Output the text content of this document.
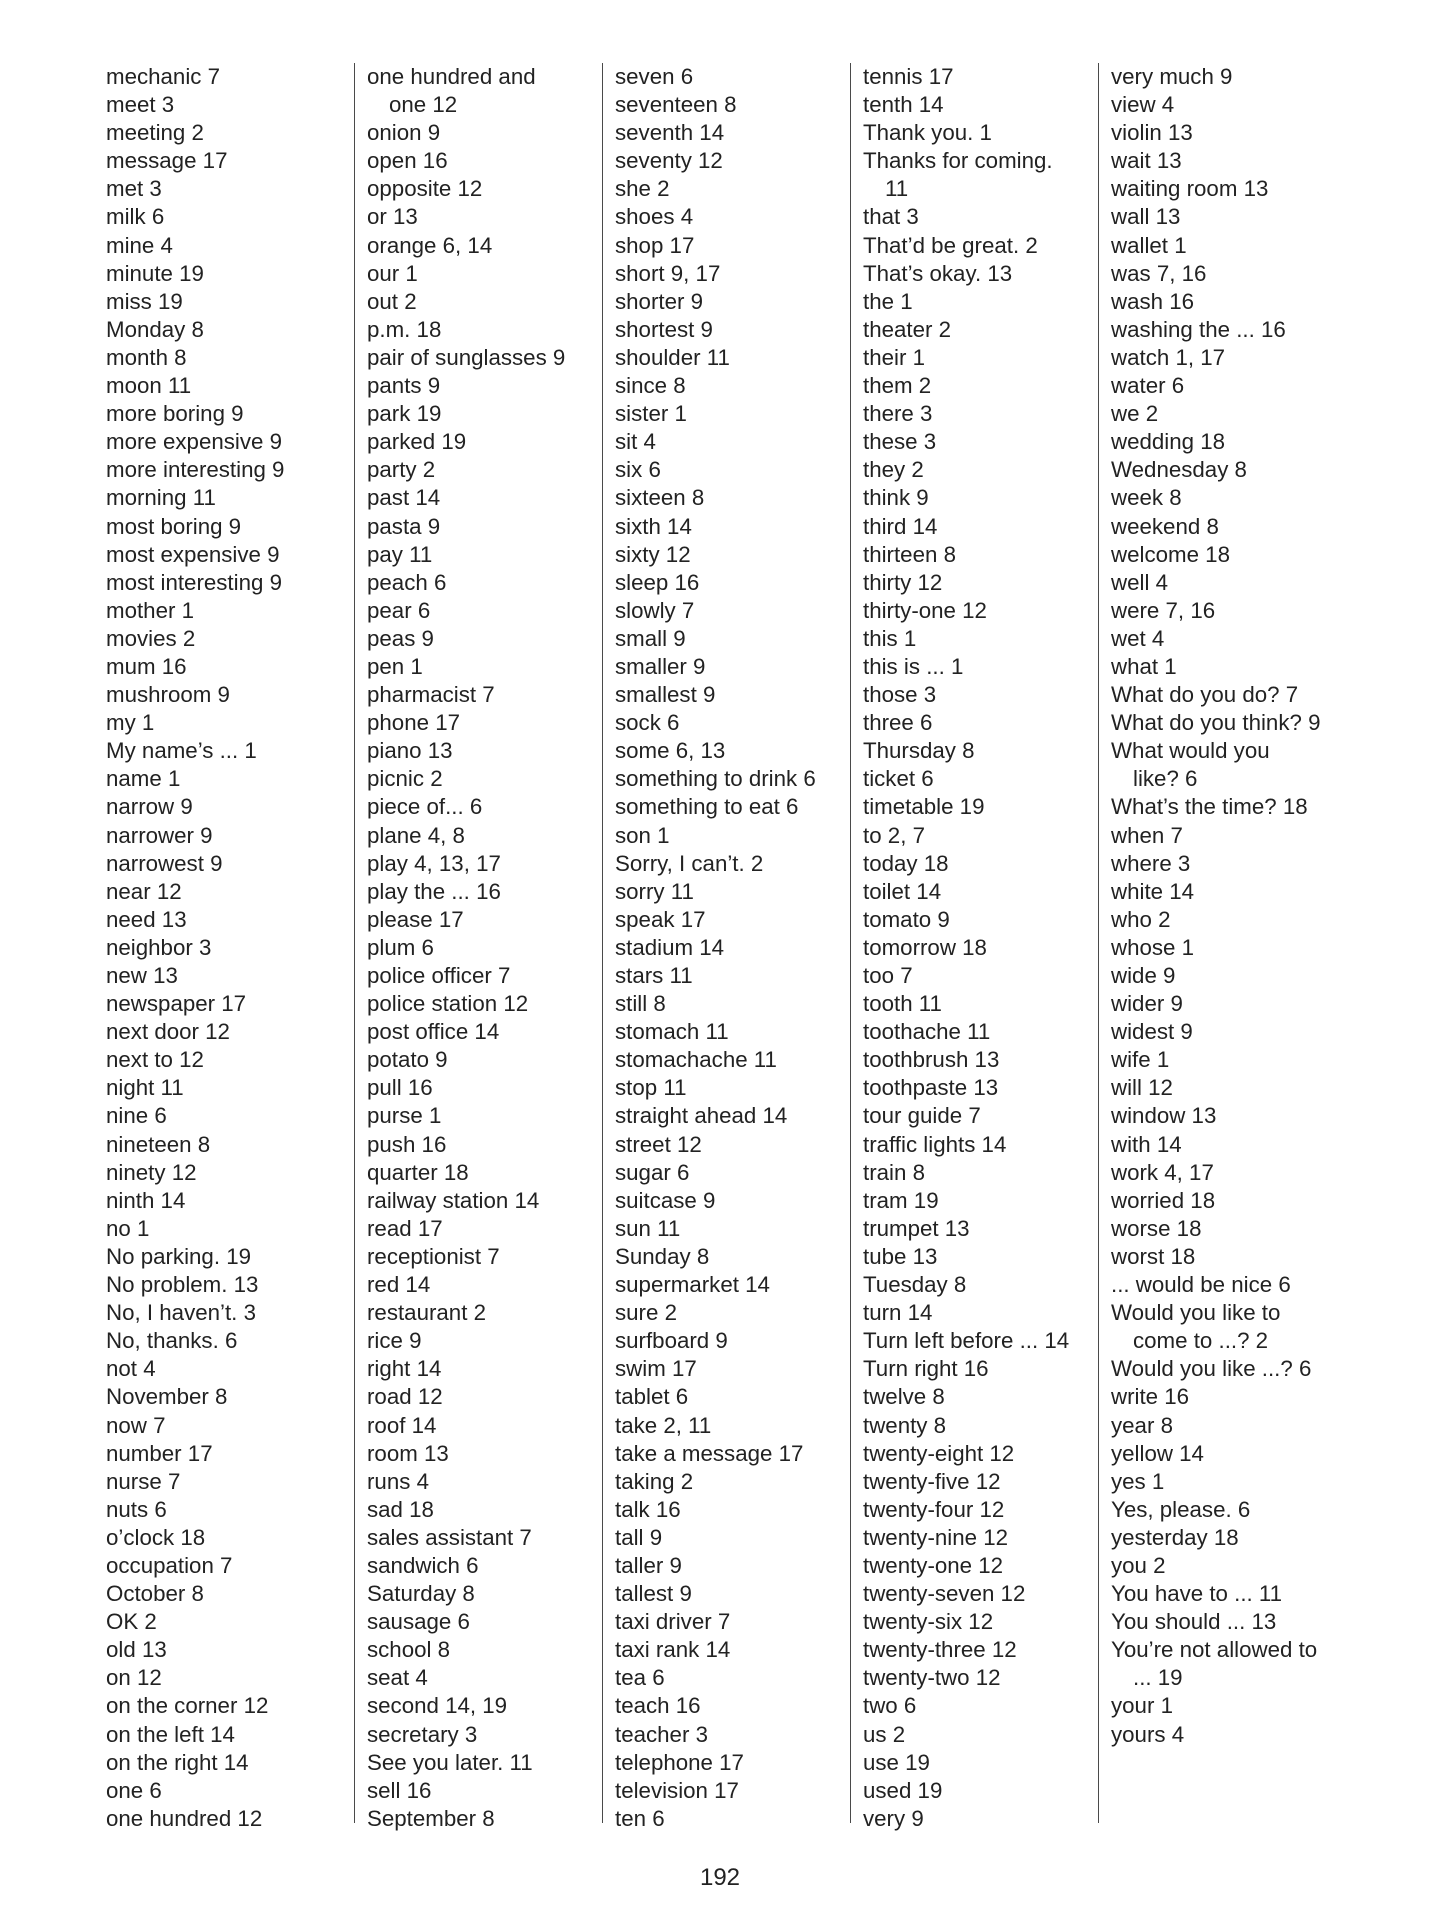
mechanic 7
meet 3
meeting 2
message 17
met 3
milk 6
mine 4
minute 19
miss 19
Monday 8
month 8
moon 11
more boring 9
more expensive 9
more interesting 9
morning 11
most boring 9
most expensive 9
most interesting 9
mother 1
movies 2
mum 16
mushroom 9
my 1
My name’s ... 1
name 1
narrow 9
narrower 9
narrowest 9
near 12
need 13
neighbor 3
new 13
newspaper 17
next door 12
next to 12
night 11
nine 6
nineteen 8
ninety 12
ninth 14
no 1
No parking. 19
No problem. 13
No, I haven’t. 3
No, thanks. 6
not 4
November 8
now 7
number 17
nurse 7
nuts 6
o’clock 18
occupation 7
October 8
OK 2
old 13
on 12
on the corner 12
on the left 14
on the right 14
one 6
one hundred 12
one hundred and
one 12
onion 9
open 16
opposite 12
or 13
orange 6, 14
our 1
out 2
p.m. 18
pair of sunglasses 9
pants 9
park 19
parked 19
party 2
past 14
pasta 9
pay 11
peach 6
pear 6
peas 9
pen 1
pharmacist 7
phone 17
piano 13
picnic 2
piece of... 6
plane 4, 8
play 4, 13, 17
play the ... 16
please 17
plum 6
police officer 7
police station 12
post office 14
potato 9
pull 16
purse 1
push 16
quarter 18
railway station 14
read 17
receptionist 7
red 14
restaurant 2
rice 9
right 14
road 12
roof 14
room 13
runs 4
sad 18
sales assistant 7
sandwich 6
Saturday 8
sausage 6
school 8
seat 4
second 14, 19
secretary 3
See you later. 11
sell 16
September 8
seven 6
seventeen 8
seventh 14
seventy 12
she 2
shoes 4
shop 17
short 9, 17
shorter 9
shortest 9
shoulder 11
since 8
sister 1
sit 4
six 6
sixteen 8
sixth 14
sixty 12
sleep 16
slowly 7
small 9
smaller 9
smallest 9
sock 6
some 6, 13
something to drink 6
something to eat 6
son 1
Sorry, I can’t. 2
sorry 11
speak 17
stadium 14
stars 11
still 8
stomach 11
stomachache 11
stop 11
straight ahead 14
street 12
sugar 6
suitcase 9
sun 11
Sunday 8
supermarket 14
sure 2
surfboard 9
swim 17
tablet 6
take 2, 11
take a message 17
taking 2
talk 16
tall 9
taller 9
tallest 9
taxi driver 7
taxi rank 14
tea 6
teach 16
teacher 3
telephone 17
television 17
ten 6
tennis 17
tenth 14
Thank you. 1
Thanks for coming.
11
that 3
That’d be great. 2
That’s okay. 13
the 1
theater 2
their 1
them 2
there 3
these 3
they 2
think 9
third 14
thirteen 8
thirty 12
thirty-one 12
this 1
this is ... 1
those 3
three 6
Thursday 8
ticket 6
timetable 19
to 2, 7
today 18
toilet 14
tomato 9
tomorrow 18
too 7
tooth 11
toothache 11
toothbrush 13
toothpaste 13
tour guide 7
traffic lights 14
train 8
tram 19
trumpet 13
tube 13
Tuesday 8
turn 14
Turn left before ... 14
Turn right 16
twelve 8
twenty 8
twenty-eight 12
twenty-five 12
twenty-four 12
twenty-nine 12
twenty-one 12
twenty-seven 12
twenty-six 12
twenty-three 12
twenty-two 12
two 6
us 2
use 19
used 19
very 9
very much 9
view 4
violin 13
wait 13
waiting room 13
wall 13
wallet 1
was 7, 16
wash 16
washing the ... 16
watch 1, 17
water 6
we 2
wedding 18
Wednesday 8
week 8
weekend 8
welcome 18
well 4
were 7, 16
wet 4
what 1
What do you do? 7
What do you think? 9
What would you
like? 6
What’s the time? 18
when 7
where 3
white 14
who 2
whose 1
wide 9
wider 9
widest 9
wife 1
will 12
window 13
with 14
work 4, 17
worried 18
worse 18
worst 18
... would be nice 6
Would you like to
come to ...? 2
Would you like ...? 6
write 16
year 8
yellow 14
yes 1
Yes, please. 6
yesterday 18
you 2
You have to ... 11
You should ... 13
You’re not allowed to
... 19
your 1
yours 4
192
